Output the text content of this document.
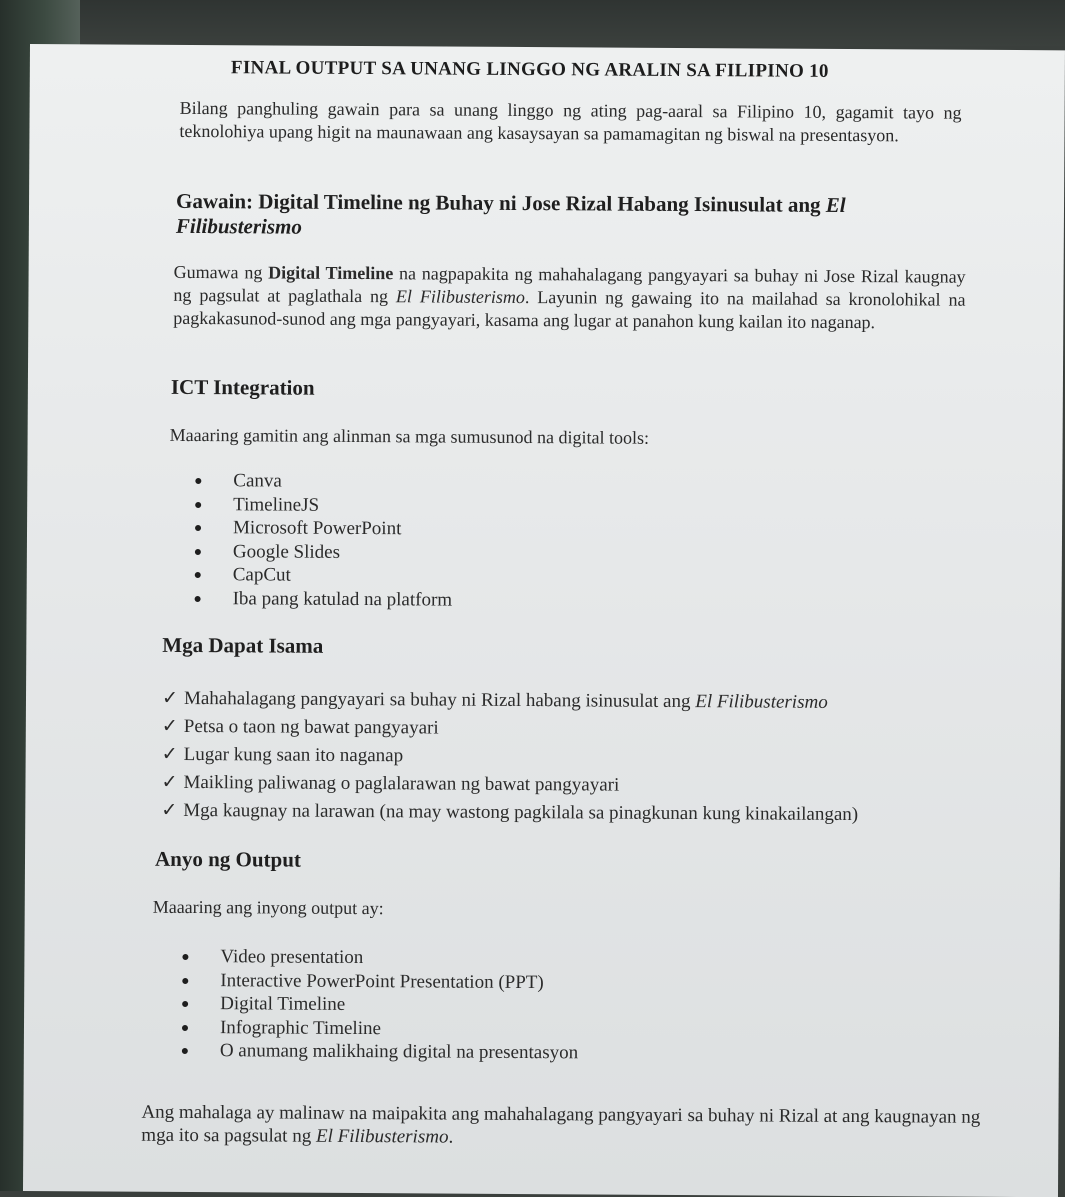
FINAL OUTPUT SA UNANG LINGGO NG ARALIN SA FILIPINO 10
Bilang panghuling gawain para sa unang linggo ng ating pag-aaral sa Filipino 10, gagamit tayo ng teknolohiya upang higit na maunawaan ang kasaysayan sa pamamagitan ng biswal na presentasyon.
Gawain: Digital Timeline ng Buhay ni Jose Rizal Habang Isinusulat ang El Filibusterismo
Gumawa ng Digital Timeline na nagpapakita ng mahahalagang pangyayari sa buhay ni Jose Rizal kaugnay ng pagsulat at paglathala ng El Filibusterismo. Layunin ng gawaing ito na mailahad sa kronolohikal na pagkakasunod-sunod ang mga pangyayari, kasama ang lugar at panahon kung kailan ito naganap.
ICT Integration
Maaaring gamitin ang alinman sa mga sumusunod na digital tools:
Canva
TimelineJS
Microsoft PowerPoint
Google Slides
CapCut
Iba pang katulad na platform
Mga Dapat Isama
✓ Mahahalagang pangyayari sa buhay ni Rizal habang isinusulat ang El Filibusterismo
✓ Petsa o taon ng bawat pangyayari
✓ Lugar kung saan ito naganap
✓ Maikling paliwanag o paglalarawan ng bawat pangyayari
✓ Mga kaugnay na larawan (na may wastong pagkilala sa pinagkunan kung kinakailangan)
Anyo ng Output
Maaaring ang inyong output ay:
Video presentation
Interactive PowerPoint Presentation (PPT)
Digital Timeline
Infographic Timeline
O anumang malikhaing digital na presentasyon
Ang mahalaga ay malinaw na maipakita ang mahahalagang pangyayari sa buhay ni Rizal at ang kaugnayan ng mga ito sa pagsulat ng El Filibusterismo.
